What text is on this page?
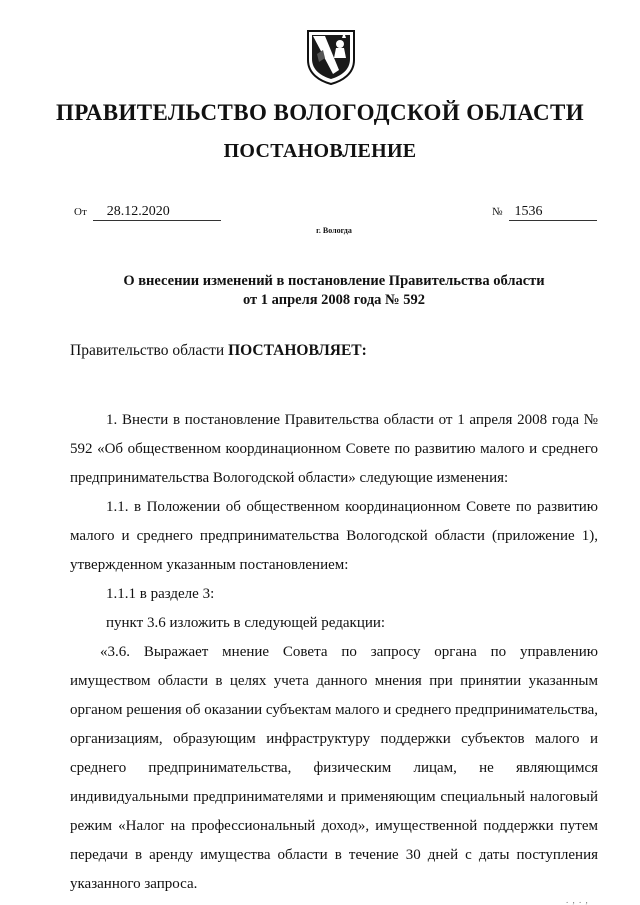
ПРАВИТЕЛЬСТВО ВОЛОГОДСКОЙ ОБЛАСТИ
ПОСТАНОВЛЕНИЕ
От 28.12.2020	№ 1536
г. Вологда
О внесении изменений в постановление Правительства области
от 1 апреля 2008 года № 592
Правительство области ПОСТАНОВЛЯЕТ:

1. Внести в постановление Правительства области от 1 апреля 2008 года № 592 «Об общественном координационном Совете по развитию малого и среднего предпринимательства Вологодской области» следующие изменения:

1.1. в Положении об общественном координационном Совете по развитию малого и среднего предпринимательства Вологодской области (приложение 1), утвержденном указанным постановлением:

1.1.1 в разделе 3:

пункт 3.6 изложить в следующей редакции:

«3.6. Выражает мнение Совета по запросу органа по управлению имуществом области в целях учета данного мнения при принятии указанным органом решения об оказании субъектам малого и среднего предпринимательства, организациям, образующим инфраструктуру поддержки субъектов малого и среднего предпринимательства, физическим лицам, не являющимся индивидуальными предпринимателями и применяющим специальный налоговый режим «Налог на профессиональный доход», имущественной поддержки путем передачи в аренду имущества области в течение 30 дней с даты поступления указанного запроса.

. , . ,
